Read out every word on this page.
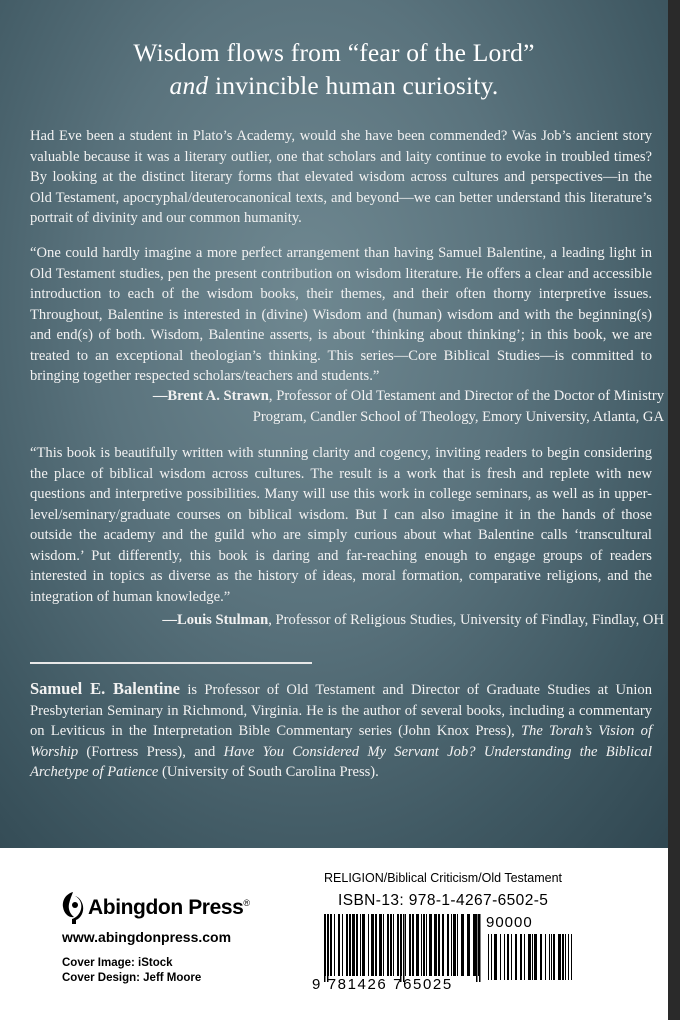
Wisdom flows from “fear of the Lord”
and invincible human curiosity.
Had Eve been a student in Plato’s Academy, would she have been commended? Was Job’s ancient story valuable because it was a literary outlier, one that scholars and laity continue to evoke in troubled times? By looking at the distinct literary forms that elevated wisdom across cultures and perspectives—in the Old Testament, apocryphal/deuterocanonical texts, and beyond—we can better understand this literature’s portrait of divinity and our common humanity.
“One could hardly imagine a more perfect arrangement than having Samuel Balentine, a leading light in Old Testament studies, pen the present contribution on wisdom literature. He offers a clear and accessible introduction to each of the wisdom books, their themes, and their often thorny interpretive issues. Throughout, Balentine is interested in (divine) Wisdom and (human) wisdom and with the beginning(s) and end(s) of both. Wisdom, Balentine asserts, is about ‘thinking about thinking’; in this book, we are treated to an exceptional theologian’s thinking. This series—Core Biblical Studies—is committed to bringing together respected scholars/teachers and students.”
—Brent A. Strawn, Professor of Old Testament and Director of the Doctor of Ministry Program, Candler School of Theology, Emory University, Atlanta, GA
“This book is beautifully written with stunning clarity and cogency, inviting readers to begin considering the place of biblical wisdom across cultures. The result is a work that is fresh and replete with new questions and interpretive possibilities. Many will use this work in college seminars, as well as in upper-level/seminary/graduate courses on biblical wisdom. But I can also imagine it in the hands of those outside the academy and the guild who are simply curious about what Balentine calls ‘transcultural wisdom.’ Put differently, this book is daring and far-reaching enough to engage groups of readers interested in topics as diverse as the history of ideas, moral formation, comparative religions, and the integration of human knowledge.”
—Louis Stulman, Professor of Religious Studies, University of Findlay, Findlay, OH
Samuel E. Balentine is Professor of Old Testament and Director of Graduate Studies at Union Presbyterian Seminary in Richmond, Virginia. He is the author of several books, including a commentary on Leviticus in the Interpretation Bible Commentary series (John Knox Press), The Torah’s Vision of Worship (Fortress Press), and Have You Considered My Servant Job? Understanding the Biblical Archetype of Patience (University of South Carolina Press).
Abingdon Press ®
www.abingdonpress.com
Cover Image: iStock
Cover Design: Jeff Moore
RELIGION/Biblical Criticism/Old Testament
ISBN-13: 978-1-4267-6502-5
90000
9 781426 765025
